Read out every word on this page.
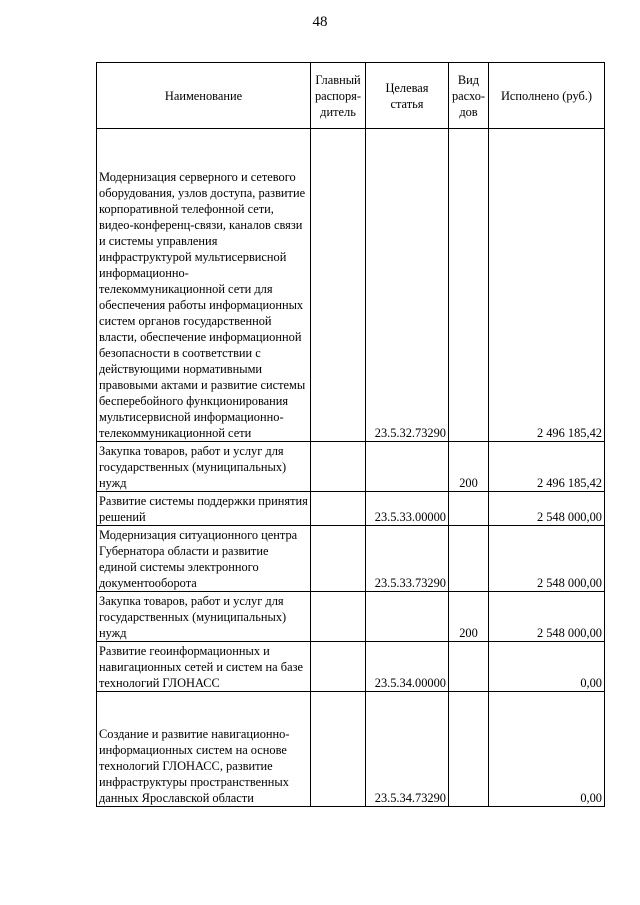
48
Наименование	Главный распоря-дитель	Целевая статья	Вид расхо-дов	Исполнено (руб.)
Модернизация серверного и сетевого оборудования, узлов доступа, развитие корпоративной телефонной сети, видео-конференц-связи, каналов связи и системы управления инфраструктурой мультисервисной информационно-телекоммуникационной сети для обеспечения работы информационных систем органов государственной власти, обеспечение информационной безопасности в соответствии с действующими нормативными правовыми актами и развитие системы бесперебойного функционирования мультисервисной информационно-телекоммуникационной сети		23.5.32.73290		2 496 185,42
Закупка товаров, работ и услуг для государственных (муниципальных) нужд			200	2 496 185,42
Развитие системы поддержки принятия решений		23.5.33.00000		2 548 000,00
Модернизация ситуационного центра Губернатора области и развитие единой системы электронного документооборота		23.5.33.73290		2 548 000,00
Закупка товаров, работ и услуг для государственных (муниципальных) нужд			200	2 548 000,00
Развитие геоинформационных и навигационных сетей и систем на базе технологий ГЛОНАСС		23.5.34.00000		0,00
Создание и развитие навигационно-информационных систем на основе технологий ГЛОНАСС, развитие инфраструктуры пространственных данных Ярославской области		23.5.34.73290		0,00
